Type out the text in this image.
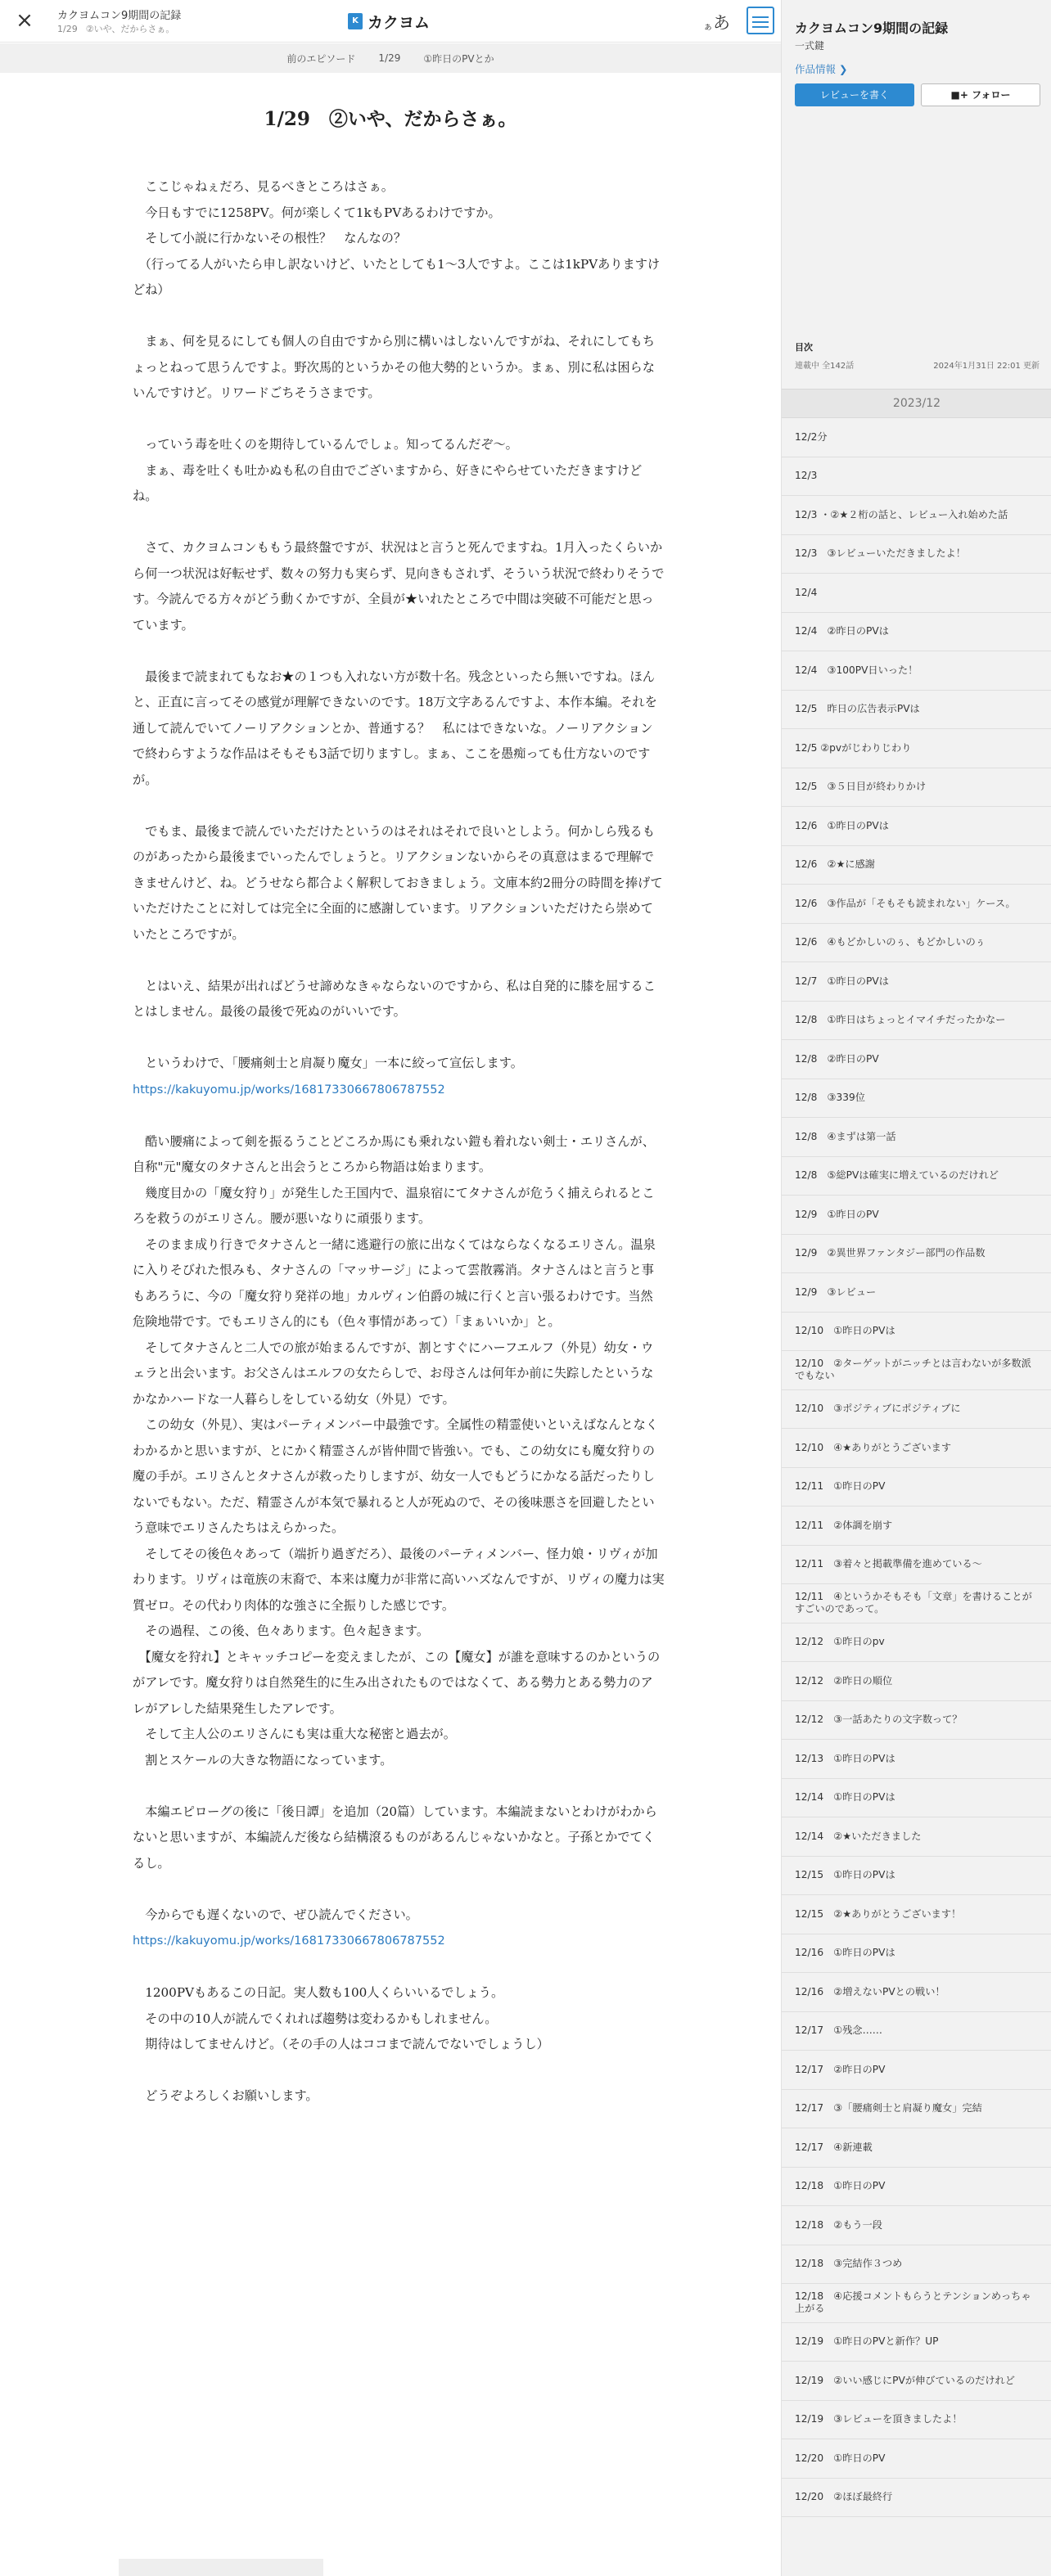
×	カクヨムコン9期間の記録
1/29 ②いや、だからさぁ。
K カクヨム	ぁ あ
前のエピソード 1/29 ①昨日のPVとか
1/29　②いや、だからさぁ。

　ここじゃねぇだろ、見るべきところはさぁ。

　今日もすでに1258PV。何が楽しくて1kもPVあるわけですか。

　そして小説に行かないその根性？　なんなの？

　（行ってる人がいたら申し訳ないけど、いたとしても1〜3人ですよ。ここは1kPVありますけどね）

　まぁ、何を見るにしても個人の自由ですから別に構いはしないんですがね、それにしてもちょっとねって思うんですよ。野次馬的というかその他大勢的というか。まぁ、別に私は困らないんですけど。リワードごちそうさまです。

　っていう毒を吐くのを期待しているんでしょ。知ってるんだぞ〜。

　まぁ、毒を吐くも吐かぬも私の自由でございますから、好きにやらせていただきますけどね。

　さて、カクヨムコンももう最終盤ですが、状況はと言うと死んでますね。1月入ったくらいから何一つ状況は好転せず、数々の努力も実らず、見向きもされず、そういう状況で終わりそうです。今読んでる方々がどう動くかですが、全員が★いれたところで中間は突破不可能だと思っています。

　最後まで読まれてもなお★の１つも入れない方が数十名。残念といったら無いですね。ほんと、正直に言ってその感覚が理解できないのです。18万文字あるんですよ、本作本編。それを通して読んでいてノーリアクションとか、普通する？　私にはできないな。ノーリアクションで終わらすような作品はそもそも3話で切りますし。まぁ、ここを愚痴っても仕方ないのですが。

　でもま、最後まで読んでいただけたというのはそれはそれで良いとしよう。何かしら残るものがあったから最後までいったんでしょうと。リアクションないからその真意はまるで理解できませんけど、ね。どうせなら都合よく解釈しておきましょう。文庫本約2冊分の時間を捧げていただけたことに対しては完全に全面的に感謝しています。リアクションいただけたら崇めていたところですが。

　とはいえ、結果が出ればどうせ諦めなきゃならないのですから、私は自発的に膝を屈することはしません。最後の最後で死ぬのがいいです。

　というわけで、「腰痛剣士と肩凝り魔女」一本に絞って宣伝します。

https://kakuyomu.jp/works/16817330667806787552

　酷い腰痛によって剣を振るうことどころか馬にも乗れない鎧も着れない剣士・エリさんが、自称"元"魔女のタナさんと出会うところから物語は始まります。

　幾度目かの「魔女狩り」が発生した王国内で、温泉宿にてタナさんが危うく捕えられるところを救うのがエリさん。腰が悪いなりに頑張ります。

　そのまま成り行きでタナさんと一緒に逃避行の旅に出なくてはならなくなるエリさん。温泉に入りそびれた恨みも、タナさんの「マッサージ」によって雲散霧消。タナさんはと言うと事もあろうに、今の「魔女狩り発祥の地」カルヴィン伯爵の城に行くと言い張るわけです。当然危険地帯です。でもエリさん的にも（色々事情があって）「まぁいいか」と。

　そしてタナさんと二人での旅が始まるんですが、割とすぐにハーフエルフ（外見）幼女・ウェラと出会います。お父さんはエルフの女たらしで、お母さんは何年か前に失踪したというなかなかハードな一人暮らしをしている幼女（外見）です。

　この幼女（外見）、実はパーティメンバー中最強です。全属性の精霊使いといえばなんとなくわかるかと思いますが、とにかく精霊さんが皆仲間で皆強い。でも、この幼女にも魔女狩りの魔の手が。エリさんとタナさんが救ったりしますが、幼女一人でもどうにかなる話だったりしないでもない。ただ、精霊さんが本気で暴れると人が死ぬので、その後味悪さを回避したという意味でエリさんたちはえらかった。

　そしてその後色々あって（端折り過ぎだろ）、最後のパーティメンバー、怪力娘・リヴィが加わります。リヴィは竜族の末裔で、本来は魔力が非常に高いハズなんですが、リヴィの魔力は実質ゼロ。その代わり肉体的な強さに全振りした感じです。

　その過程、この後、色々あります。色々起きます。

　【魔女を狩れ】とキャッチコピーを変えましたが、この【魔女】が誰を意味するのかというのがアレです。魔女狩りは自然発生的に生み出されたものではなくて、ある勢力とある勢力のアレがアレした結果発生したアレです。

　そして主人公のエリさんにも実は重大な秘密と過去が。

　割とスケールの大きな物語になっています。

　本編エピローグの後に「後日譚」を追加（20篇）しています。本編読まないとわけがわからないと思いますが、本編読んだ後なら結構滾るものがあるんじゃないかなと。子孫とかでてくるし。

　今からでも遅くないので、ぜひ読んでください。

https://kakuyomu.jp/works/16817330667806787552

　1200PVもあるこの日記。実人数も100人くらいいるでしょう。

　その中の10人が読んでくれれば趨勢は変わるかもしれません。

　期待はしてませんけど。（その手の人はココまで読んでないでしょうし）

　どうぞよろしくお願いします。

カクヨムコン9期間の記録
一式鍵
作品情報 ❯
レビューを書く	■+ フォロー
目次
連載中 全142話	2024年1月31日 22:01 更新
2023/12
12/2分
12/3
12/3 ・②★２桁の話と、レビュー入れ始めた話
12/3　③レビューいただきましたよ！
12/4
12/4　②昨日のPVは
12/4　③100PV日いった！
12/5　昨日の広告表示PVは
12/5 ②pvがじわりじわり
12/5　③５日目が終わりかけ
12/6　①昨日のPVは
12/6　②★に感謝
12/6　③作品が「そもそも読まれない」ケース。
12/6　④もどかしいのぅ、もどかしいのぅ
12/7　①昨日のPVは
12/8　①昨日はちょっとイマイチだったかなー
12/8　②昨日のPV
12/8　③339位
12/8　④まずは第一話
12/8　⑤総PVは確実に増えているのだけれど
12/9　①昨日のPV
12/9　②異世界ファンタジー部門の作品数
12/9　③レビュー
12/10　①昨日のPVは
12/10　②ターゲットがニッチとは言わないが多数派でもない
12/10　③ポジティブにポジティブに
12/10　④★ありがとうございます
12/11　①昨日のPV
12/11　②体調を崩す
12/11　③着々と掲載準備を進めている〜
12/11　④というかそもそも「文章」を書けることがすごいのであって。
12/12　①昨日のpv
12/12　②昨日の順位
12/12　③一話あたりの文字数って？
12/13　①昨日のPVは
12/14　①昨日のPVは
12/14　②★いただきました
12/15　①昨日のPVは
12/15　②★ありがとうございます！
12/16　①昨日のPVは
12/16　②増えないPVとの戦い！
12/17　①残念……
12/17　②昨日のPV
12/17　③「腰痛剣士と肩凝り魔女」完結
12/17　④新連載
12/18　①昨日のPV
12/18　②もう一段
12/18　③完結作３つめ
12/18　④応援コメントもらうとテンションめっちゃ上がる
12/19　①昨日のPVと新作？UP
12/19　②いい感じにPVが伸びているのだけれど
12/19　③レビューを頂きましたよ！
12/20　①昨日のPV
12/20　②ほぼ最終行
